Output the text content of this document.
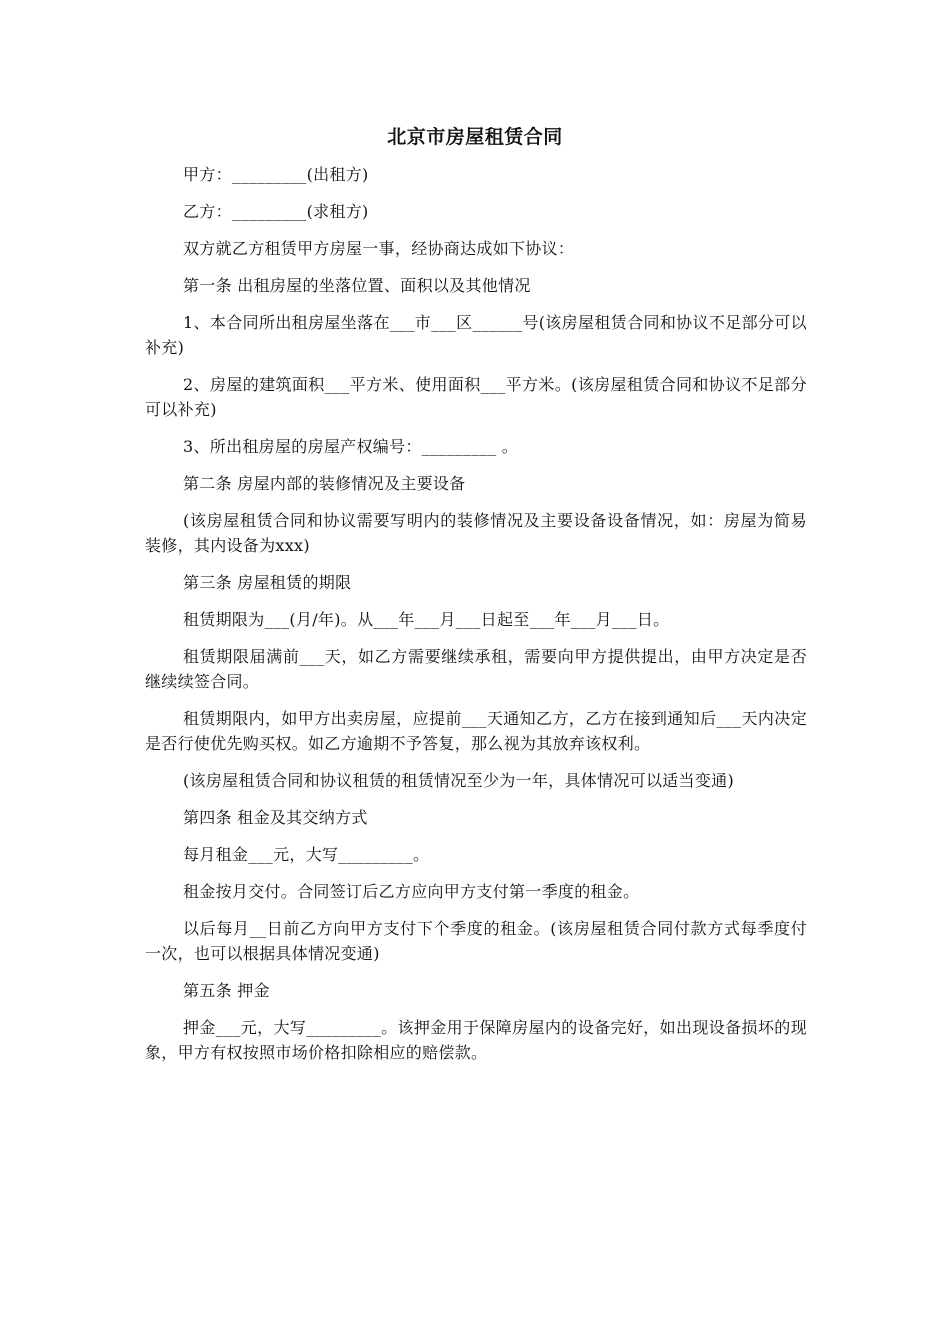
北京市房屋租赁合同

甲方：_________(出租方)

乙方：_________(求租方)

双方就乙方租赁甲方房屋一事，经协商达成如下协议：

第一条 出租房屋的坐落位置、面积以及其他情况

1、本合同所出租房屋坐落在___市___区______号(该房屋租赁合同和协议不足部分可以补充)

2、房屋的建筑面积___平方米、使用面积___平方米。(该房屋租赁合同和协议不足部分可以补充)

3、所出租房屋的房屋产权编号：_________ 。

第二条 房屋内部的装修情况及主要设备

(该房屋租赁合同和协议需要写明内的装修情况及主要设备设备情况，如：房屋为简易装修，其内设备为xxx)

第三条 房屋租赁的期限

租赁期限为___(月/年)。从___年___月___日起至___年___月___日。

租赁期限届满前___天，如乙方需要继续承租，需要向甲方提供提出，由甲方决定是否继续续签合同。

租赁期限内，如甲方出卖房屋，应提前___天通知乙方，乙方在接到通知后___天内决定是否行使优先购买权。如乙方逾期不予答复，那么视为其放弃该权利。

(该房屋租赁合同和协议租赁的租赁情况至少为一年，具体情况可以适当变通)

第四条 租金及其交纳方式

每月租金___元，大写_________。

租金按月交付。合同签订后乙方应向甲方支付第一季度的租金。

以后每月__日前乙方向甲方支付下个季度的租金。(该房屋租赁合同付款方式每季度付一次，也可以根据具体情况变通)

第五条 押金

押金___元，大写_________。该押金用于保障房屋内的设备完好，如出现设备损坏的现象，甲方有权按照市场价格扣除相应的赔偿款。
